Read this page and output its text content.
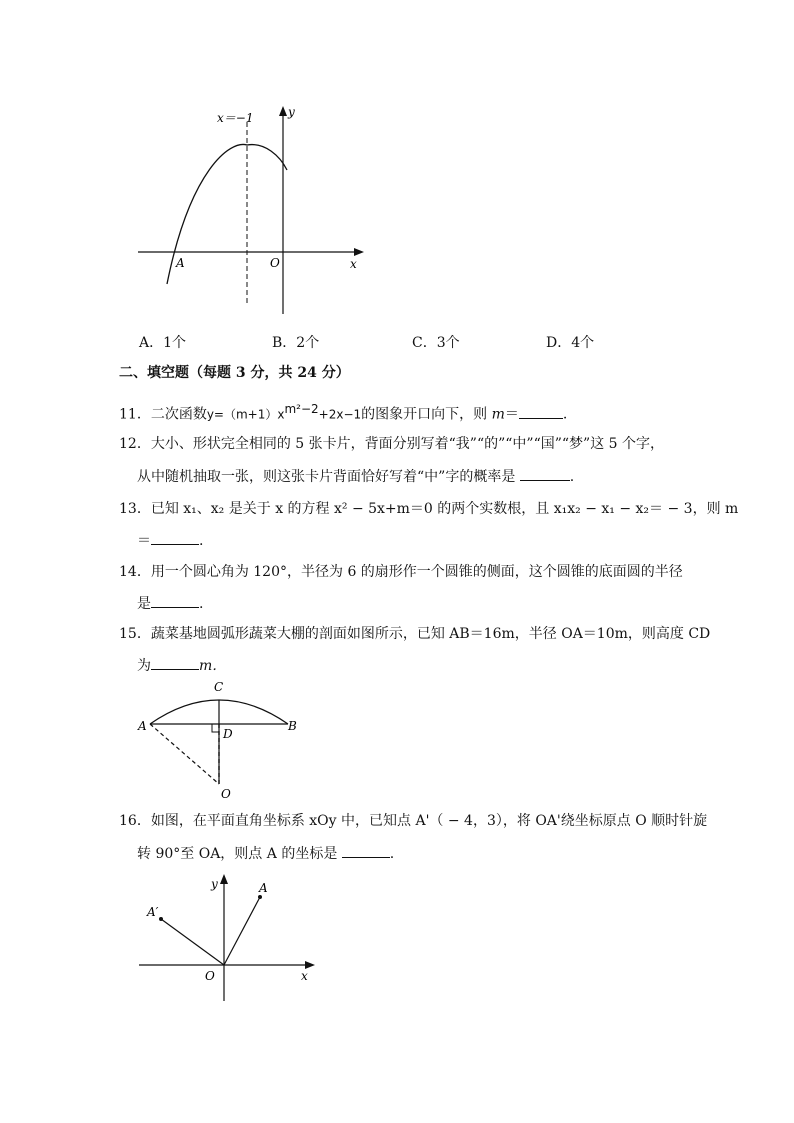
x＝−1	y
x
A	O
A．1个	B．2个	C．3个	D．4个
二、填空题（每题 3 分，共 24 分）
11．二次函数$y=(m+1)x^{m^2-2}+2x-1$的图象开口向下，则 m＝	.
12．大小、形状完全相同的 5 张卡片，背面分别写着“我”“的”“中”“国”“梦”这 5 个字，
从中随机抽取一张，则这张卡片背面恰好写着“中”字的概率是	.
13．已知 x₁、x₂ 是关于 x 的方程 x² − 5x+m＝0 的两个实数根，且 x₁x₂ − x₁ − x₂＝ − 3，则 m
＝	.
14．用一个圆心角为 120°，半径为 6 的扇形作一个圆锥的侧面，这个圆锥的底面圆的半径
是	.
15．蔬菜基地圆弧形蔬菜大棚的剖面如图所示，已知 AB＝16m，半径 OA＝10m，则高度 CD
为	m．
C
A	B
D
O
16．如图，在平面直角坐标系 xOy 中，已知点 A'（ − 4，3），将 OA'绕坐标原点 O 顺时针旋
转 90°至 OA，则点 A 的坐标是	.
y
x
A
A′
O
